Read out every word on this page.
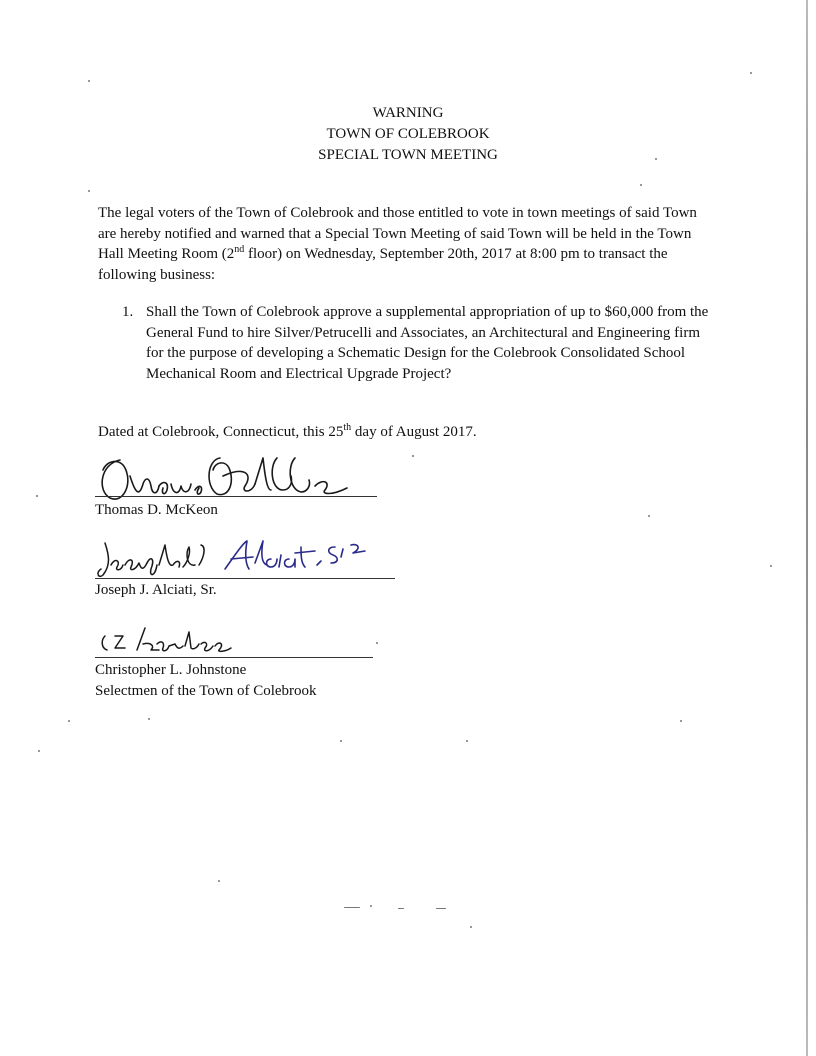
WARNING
TOWN OF COLEBROOK
SPECIAL TOWN MEETING
The legal voters of the Town of Colebrook and those entitled to vote in town meetings of said Town are hereby notified and warned that a Special Town Meeting of said Town will be held in the Town Hall Meeting Room (2nd floor) on Wednesday, September 20th, 2017 at 8:00 pm to transact the following business:
1. Shall the Town of Colebrook approve a supplemental appropriation of up to $60,000 from the General Fund to hire Silver/Petrucelli and Associates, an Architectural and Engineering firm for the purpose of developing a Schematic Design for the Colebrook Consolidated School Mechanical Room and Electrical Upgrade Project?
Dated at Colebrook, Connecticut, this 25th day of August 2017.
Thomas D. McKeon
Joseph J. Alciati, Sr.
Christopher L. Johnstone
Selectmen of the Town of Colebrook
